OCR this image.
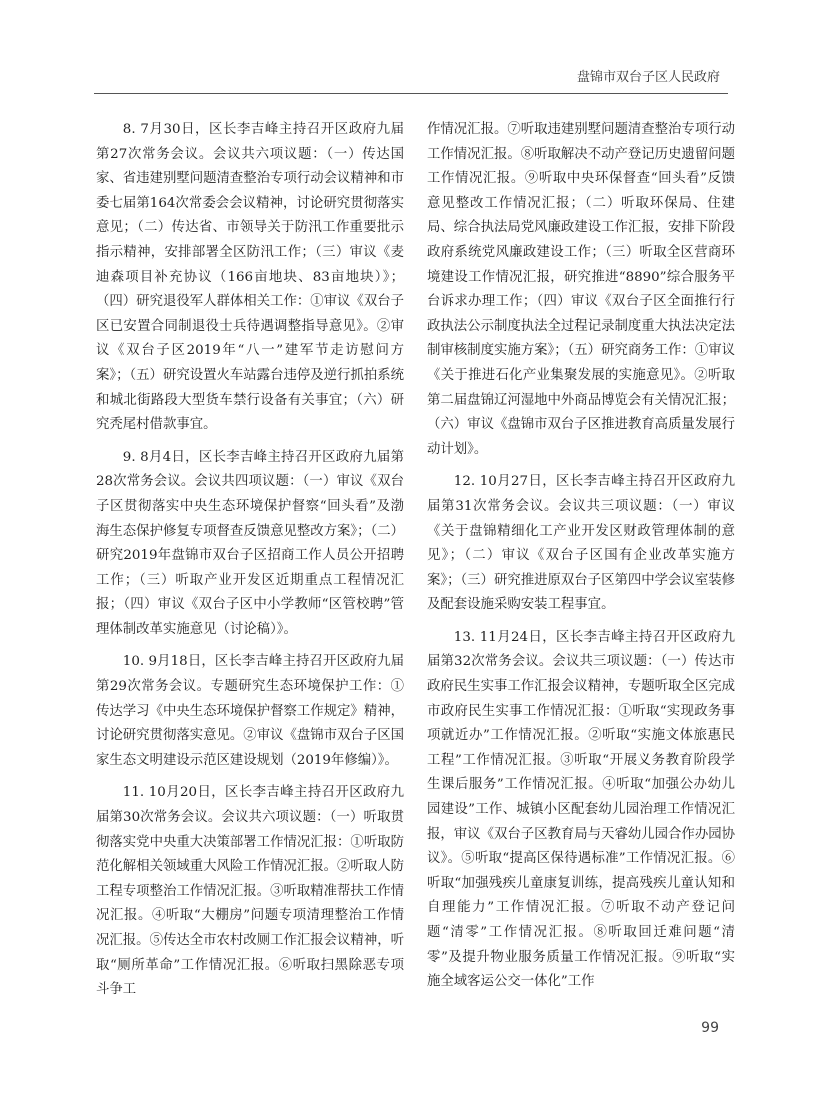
盘锦市双台子区人民政府

8. 7月30日，区长李吉峰主持召开区政府九届第27次常务会议。会议共六项议题：（一）传达国家、省违建别墅问题清查整治专项行动会议精神和市委七届第164次常委会会议精神，讨论研究贯彻落实意见；（二）传达省、市领导关于防汛工作重要批示指示精神，安排部署全区防汛工作；（三）审议《麦迪森项目补充协议（166亩地块、83亩地块）》；（四）研究退役军人群体相关工作：①审议《双台子区已安置合同制退役士兵待遇调整指导意见》。②审议《双台子区2019年“八一”建军节走访慰问方案》；（五）研究设置火车站露台违停及逆行抓拍系统和城北街路段大型货车禁行设备有关事宜；（六）研究秃尾村借款事宜。

9. 8月4日，区长李吉峰主持召开区政府九届第28次常务会议。会议共四项议题：（一）审议《双台子区贯彻落实中央生态环境保护督察“回头看”及渤海生态保护修复专项督查反馈意见整改方案》；（二）研究2019年盘锦市双台子区招商工作人员公开招聘工作；（三）听取产业开发区近期重点工程情况汇报；（四）审议《双台子区中小学教师“区管校聘”管理体制改革实施意见（讨论稿）》。

10. 9月18日，区长李吉峰主持召开区政府九届第29次常务会议。专题研究生态环境保护工作：①传达学习《中央生态环境保护督察工作规定》精神，讨论研究贯彻落实意见。②审议《盘锦市双台子区国家生态文明建设示范区建设规划（2019年修编）》。

11. 10月20日，区长李吉峰主持召开区政府九届第30次常务会议。会议共六项议题：（一）听取贯彻落实党中央重大决策部署工作情况汇报：①听取防范化解相关领域重大风险工作情况汇报。②听取人防工程专项整治工作情况汇报。③听取精准帮扶工作情况汇报。④听取“大棚房”问题专项清理整治工作情况汇报。⑤传达全市农村改厕工作汇报会议精神，听取“厕所革命”工作情况汇报。⑥听取扫黑除恶专项斗争工

作情况汇报。⑦听取违建别墅问题清查整治专项行动工作情况汇报。⑧听取解决不动产登记历史遗留问题工作情况汇报。⑨听取中央环保督查“回头看”反馈意见整改工作情况汇报；（二）听取环保局、住建局、综合执法局党风廉政建设工作汇报，安排下阶段政府系统党风廉政建设工作；（三）听取全区营商环境建设工作情况汇报，研究推进“8890”综合服务平台诉求办理工作；（四）审议《双台子区全面推行行政执法公示制度执法全过程记录制度重大执法决定法制审核制度实施方案》；（五）研究商务工作：①审议《关于推进石化产业集聚发展的实施意见》。②听取第二届盘锦辽河湿地中外商品博览会有关情况汇报；（六）审议《盘锦市双台子区推进教育高质量发展行动计划》。

12. 10月27日，区长李吉峰主持召开区政府九届第31次常务会议。会议共三项议题：（一）审议《关于盘锦精细化工产业开发区财政管理体制的意见》；（二）审议《双台子区国有企业改革实施方案》；（三）研究推进原双台子区第四中学会议室装修及配套设施采购安装工程事宜。

13. 11月24日，区长李吉峰主持召开区政府九届第32次常务会议。会议共三项议题：（一）传达市政府民生实事工作汇报会议精神，专题听取全区完成市政府民生实事工作情况汇报：①听取“实现政务事项就近办”工作情况汇报。②听取“实施文体旅惠民工程”工作情况汇报。③听取“开展义务教育阶段学生课后服务”工作情况汇报。④听取“加强公办幼儿园建设”工作、城镇小区配套幼儿园治理工作情况汇报，审议《双台子区教育局与天睿幼儿园合作办园协议》。⑤听取“提高区保待遇标准”工作情况汇报。⑥听取“加强残疾儿童康复训练，提高残疾儿童认知和自理能力”工作情况汇报。⑦听取不动产登记问题“清零”工作情况汇报。⑧听取回迁难问题“清零”及提升物业服务质量工作情况汇报。⑨听取“实施全域客运公交一体化”工作

99
